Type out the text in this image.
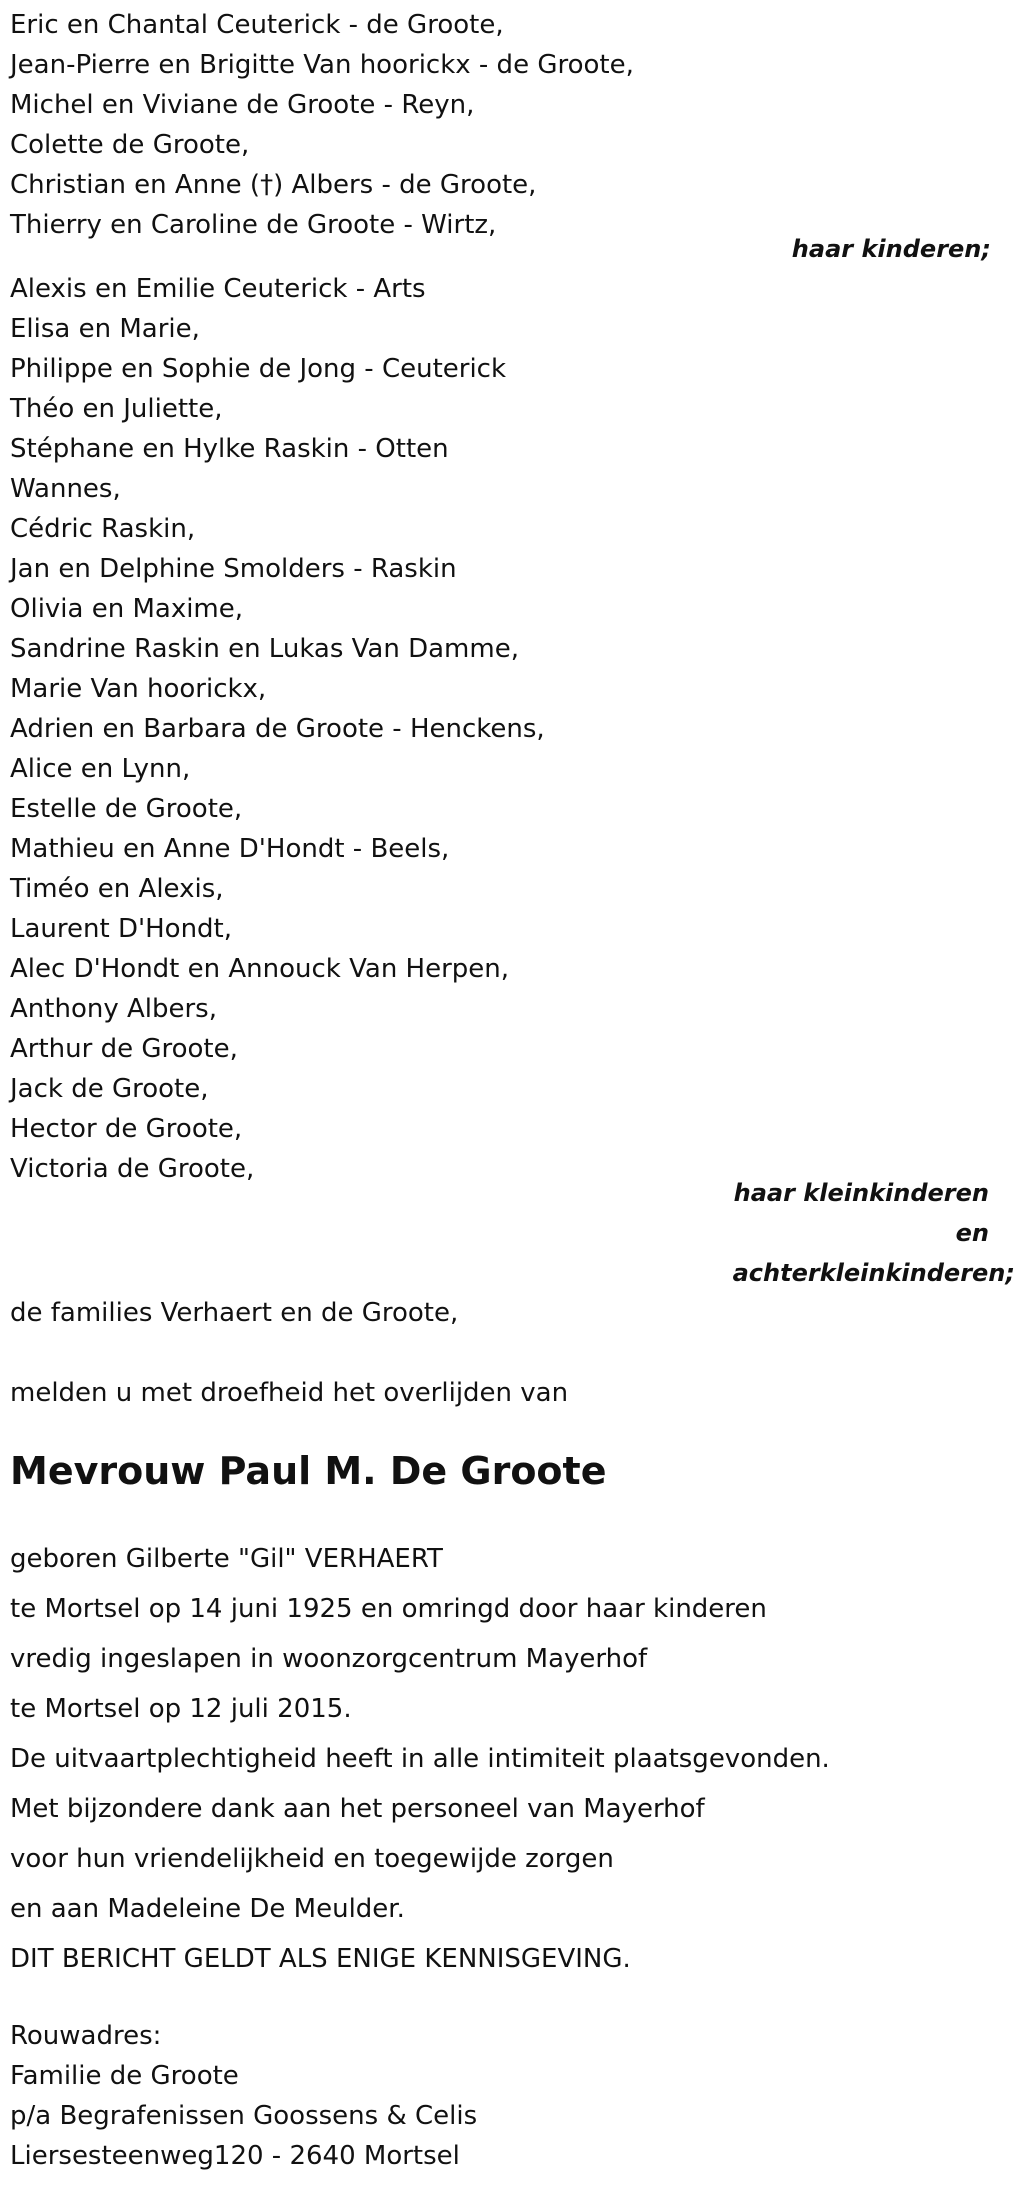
Eric en Chantal Ceuterick - de Groote,
Jean-Pierre en Brigitte Van hoorickx - de Groote,
Michel en Viviane de Groote - Reyn,
Colette de Groote,
Christian en Anne (†) Albers - de Groote,
Thierry en Caroline de Groote - Wirtz,
haar kinderen;
Alexis en Emilie Ceuterick - Arts
Elisa en Marie,
Philippe en Sophie de Jong - Ceuterick
Théo en Juliette,
Stéphane en Hylke Raskin - Otten
Wannes,
Cédric Raskin,
Jan en Delphine Smolders - Raskin
Olivia en Maxime,
Sandrine Raskin en Lukas Van Damme,
Marie Van hoorickx,
Adrien en Barbara de Groote - Henckens,
Alice en Lynn,
Estelle de Groote,
Mathieu en Anne D'Hondt - Beels,
Timéo en Alexis,
Laurent D'Hondt,
Alec D'Hondt en Annouck Van Herpen,
Anthony Albers,
Arthur de Groote,
Jack de Groote,
Hector de Groote,
Victoria de Groote,
haar kleinkinderen
en
achterkleinkinderen;
de families Verhaert en de Groote,
melden u met droefheid het overlijden van
Mevrouw Paul M. De Groote
geboren Gilberte "Gil" VERHAERT
te Mortsel op 14 juni 1925 en omringd door haar kinderen
vredig ingeslapen in woonzorgcentrum Mayerhof
te Mortsel op 12 juli 2015.
De uitvaartplechtigheid heeft in alle intimiteit plaatsgevonden.
Met bijzondere dank aan het personeel van Mayerhof
voor hun vriendelijkheid en toegewijde zorgen
en aan Madeleine De Meulder.
DIT BERICHT GELDT ALS ENIGE KENNISGEVING.
Rouwadres:
Familie de Groote
p/a Begrafenissen Goossens & Celis
Liersesteenweg120 - 2640 Mortsel
